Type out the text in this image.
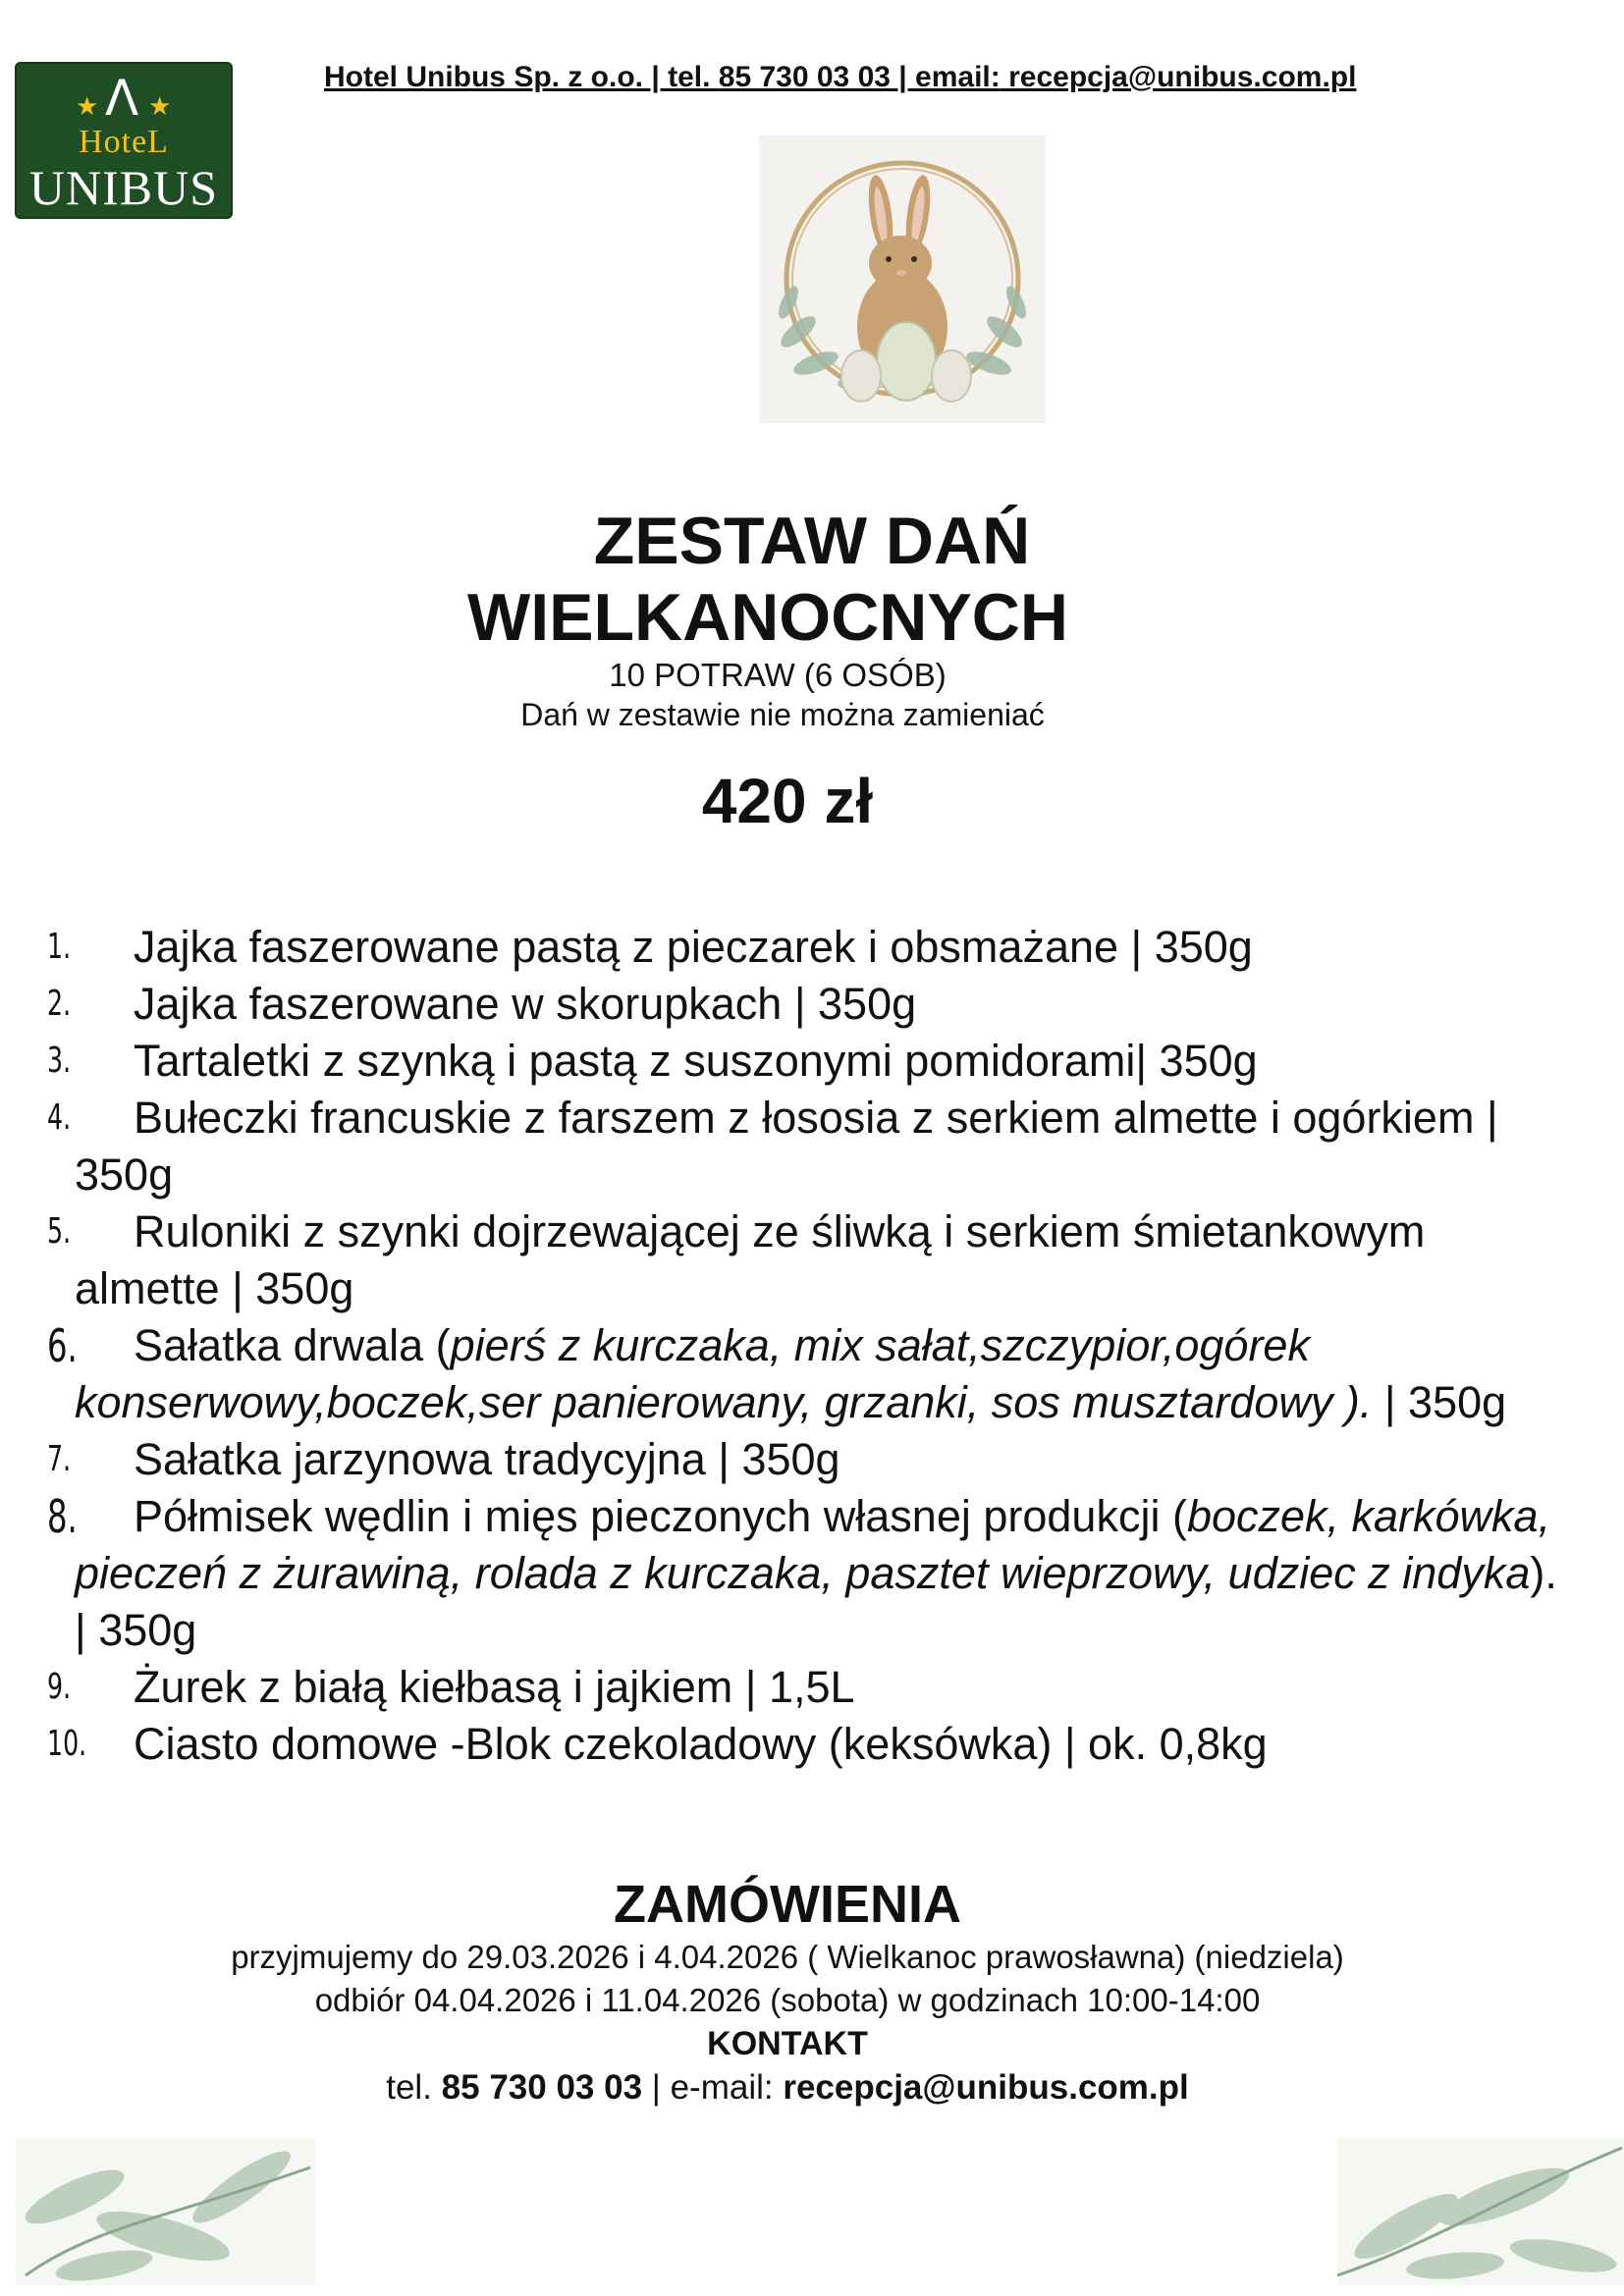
★ Λ ★
HoteL
UNIBUS
Hotel Unibus Sp. z o.o. | tel. 85 730 03 03 | email: recepcja@unibus.com.pl
ZESTAW DAŃ
WIELKANOCNYCH
10 POTRAW (6 OSÓB)
Dań w zestawie nie można zamieniać
420 zł
1.	Jajka faszerowane pastą z pieczarek i obsmażane | 350g
2.	Jajka faszerowane w skorupkach | 350g
3.	Tartaletki z szynką i pastą z suszonymi pomidorami| 350g
4.	Bułeczki francuskie z farszem z łososia z serkiem almette i ogórkiem | 350g
5.	Ruloniki z szynki dojrzewającej ze śliwką i serkiem śmietankowym almette | 350g
6.	Sałatka drwala (pierś z kurczaka, mix sałat,szczypior,ogórek konserwowy,boczek,ser panierowany, grzanki, sos musztardowy ). | 350g
7.	Sałatka jarzynowa tradycyjna | 350g
8.	Półmisek wędlin i mięs pieczonych własnej produkcji (boczek, karkówka, pieczeń z żurawiną, rolada z kurczaka, pasztet wieprzowy, udziec z indyka). | 350g
9.	Żurek z białą kiełbasą i jajkiem | 1,5L
10.	Ciasto domowe -Blok czekoladowy (keksówka) | ok. 0,8kg
ZAMÓWIENIA
przyjmujemy do 29.03.2026 i 4.04.2026 ( Wielkanoc prawosławna) (niedziela)
odbiór 04.04.2026 i 11.04.2026 (sobota) w godzinach 10:00-14:00
KONTAKT
tel. 85 730 03 03 | e-mail: recepcja@unibus.com.pl
